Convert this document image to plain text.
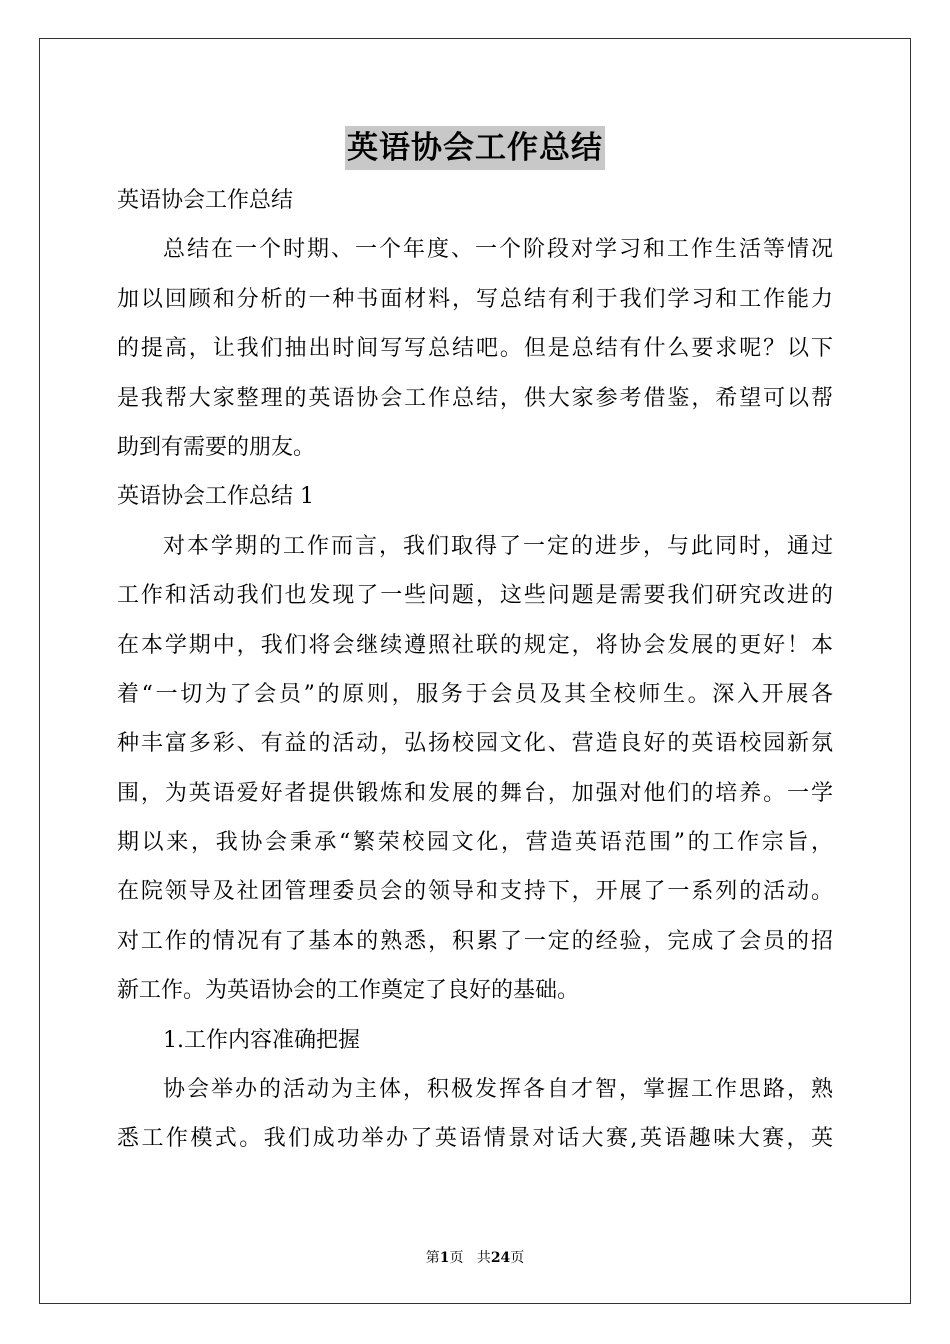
英语协会工作总结
英语协会工作总结
总结在一个时期、一个年度、一个阶段对学习和工作生活等情况
加以回顾和分析的一种书面材料，写总结有利于我们学习和工作能力
的提高，让我们抽出时间写写总结吧。但是总结有什么要求呢？以下
是我帮大家整理的英语协会工作总结，供大家参考借鉴，希望可以帮
助到有需要的朋友。
英语协会工作总结 1
对本学期的工作而言，我们取得了一定的进步，与此同时，通过
工作和活动我们也发现了一些问题，这些问题是需要我们研究改进的
在本学期中，我们将会继续遵照社联的规定，将协会发展的更好！本
着“一切为了会员”的原则，服务于会员及其全校师生。深入开展各
种丰富多彩、有益的活动，弘扬校园文化、营造良好的英语校园新氛
围，为英语爱好者提供锻炼和发展的舞台，加强对他们的培养。一学
期以来，我协会秉承“繁荣校园文化，营造英语范围”的工作宗旨，
在院领导及社团管理委员会的领导和支持下，开展了一系列的活动。
对工作的情况有了基本的熟悉，积累了一定的经验，完成了会员的招
新工作。为英语协会的工作奠定了良好的基础。
1.工作内容准确把握
协会举办的活动为主体，积极发挥各自才智，掌握工作思路，熟
悉工作模式。我们成功举办了英语情景对话大赛,英语趣味大赛，英
第1页 共24页
